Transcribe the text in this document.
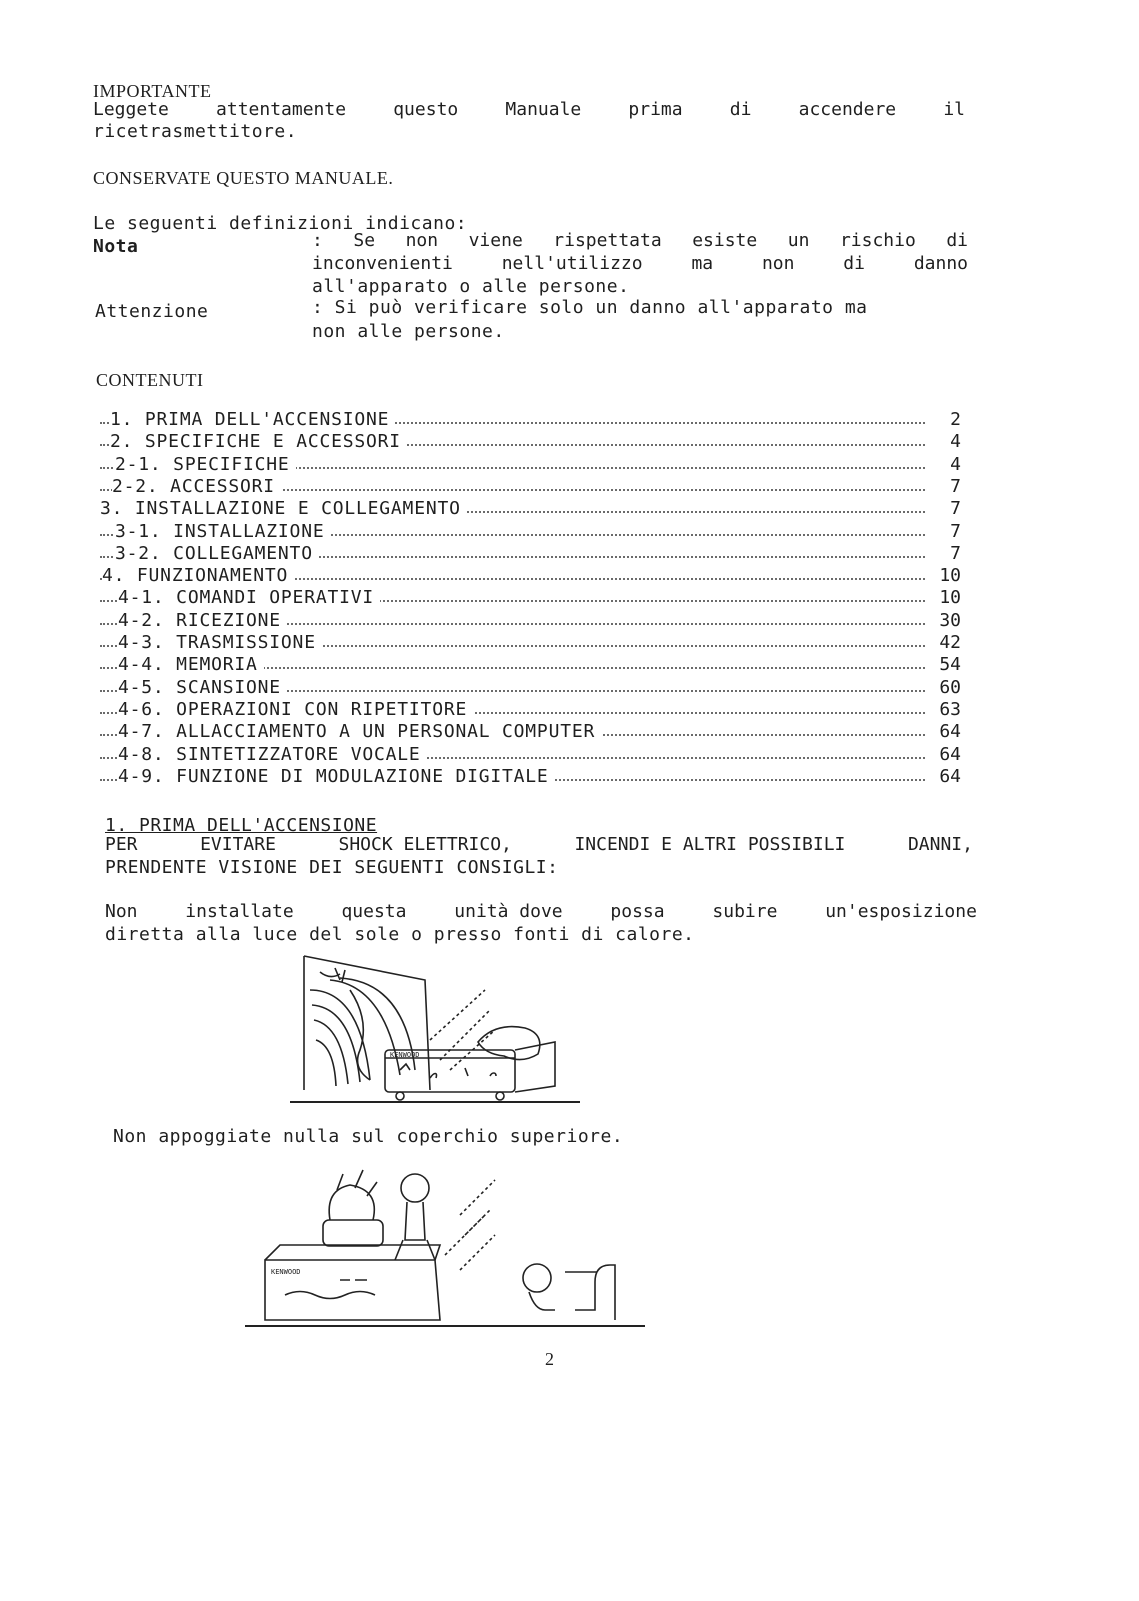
IMPORTANTE
Leggete	attentamente	questo	Manuale	prima	di	accendere	il
ricetrasmettitore.
CONSERVATE QUESTO MANUALE.
Le seguenti definizioni indicano:
Nota	: Se non viene rispettata esiste un rischio di
inconvenienti	nell'utilizzo	ma	non	di	danno
all'apparato o alle persone.
Attenzione	: Si può verificare solo un danno all'apparato ma
non alle persone.
CONTENUTI
1. PRIMA DELL'ACCENSIONE	2
2. SPECIFICHE E ACCESSORI	4
2-1. SPECIFICHE	4
2-2. ACCESSORI	7
3. INSTALLAZIONE E COLLEGAMENTO	7
3-1. INSTALLAZIONE	7
3-2. COLLEGAMENTO	7
4. FUNZIONAMENTO	10
4-1. COMANDI OPERATIVI	10
4-2. RICEZIONE	30
4-3. TRASMISSIONE	42
4-4. MEMORIA	54
4-5. SCANSIONE	60
4-6. OPERAZIONI CON RIPETITORE	63
4-7. ALLACCIAMENTO A UN PERSONAL COMPUTER	64
4-8. SINTETIZZATORE VOCALE	64
4-9. FUNZIONE DI MODULAZIONE DIGITALE	64
1. PRIMA DELL'ACCENSIONE
PER	EVITARE	SHOCK ELETTRICO,	INCENDI E ALTRI POSSIBILI	DANNI,
PRENDENTE VISIONE DEI SEGUENTI CONSIGLI:
Non	installate	questa	unità dove	possa	subire	un'esposizione
diretta alla luce del sole o presso fonti di calore.
KENWOOD
Non appoggiate nulla sul coperchio superiore.
KENWOOD
2
